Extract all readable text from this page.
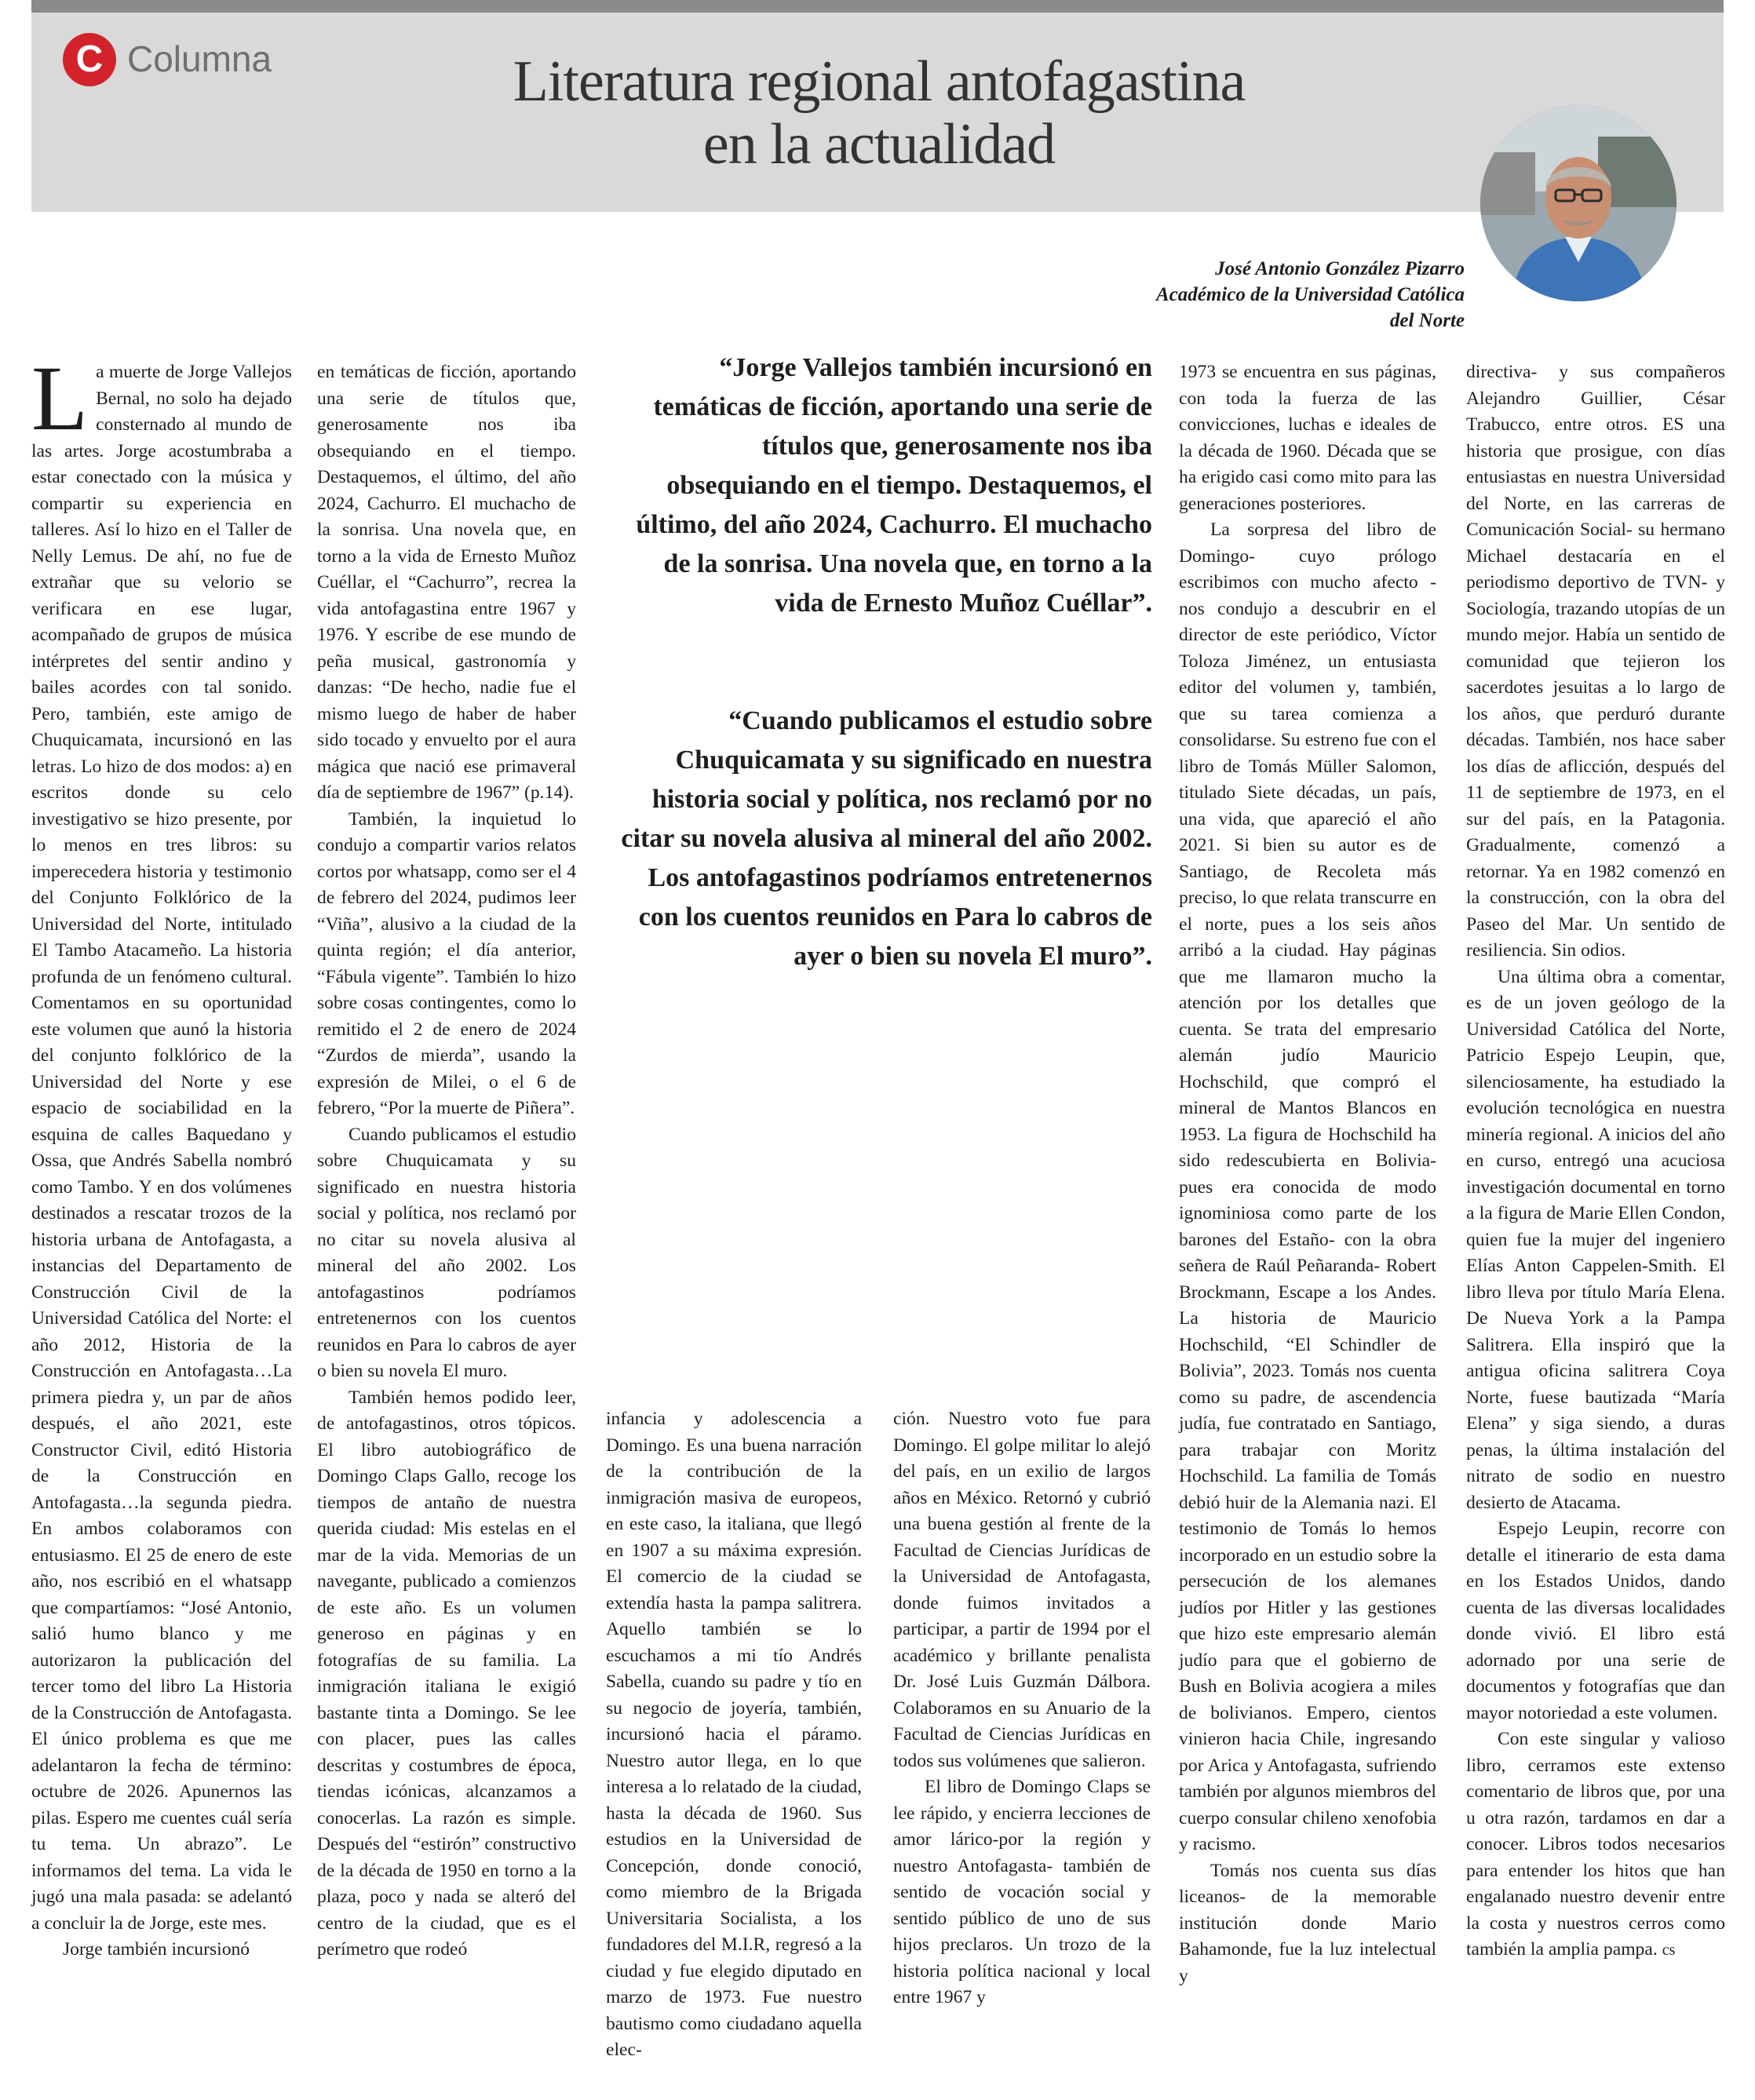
C Columna	Literatura regional antofagastina
en la actualidad
José Antonio González Pizarro
Académico de la Universidad Católica
del Norte
“Jorge Vallejos también incursionó en temáticas de ficción, aportando una serie de títulos que, generosamente nos iba obsequiando en el tiempo. Destaquemos, el último, del año 2024, Cachurro. El muchacho de la sonrisa. Una novela que, en torno a la vida de Ernesto Muñoz Cuéllar”.
“Cuando publicamos el estudio sobre Chuquicamata y su significado en nuestra historia social y política, nos reclamó por no citar su novela alusiva al mineral del año 2002. Los antofagastinos podríamos entretenernos con los cuentos reunidos en Para lo cabros de ayer o bien su novela El muro”.

La muerte de Jorge Vallejos Bernal, no solo ha dejado consternado al mundo de las artes. Jorge acostumbraba a estar conectado con la música y compartir su experiencia en talleres. Así lo hizo en el Taller de Nelly Lemus. De ahí, no fue de extrañar que su velorio se verificara en ese lugar, acompañado de grupos de música intérpretes del sentir andino y bailes acordes con tal sonido. Pero, también, este amigo de Chuquicamata, incursionó en las letras. Lo hizo de dos modos: a) en escritos donde su celo investigativo se hizo presente, por lo menos en tres libros: su imperecedera historia y testimonio del Conjunto Folklórico de la Universidad del Norte, intitulado El Tambo Atacameño. La historia profunda de un fenómeno cultural. Comentamos en su oportunidad este volumen que aunó la historia del conjunto folklórico de la Universidad del Norte y ese espacio de sociabilidad en la esquina de calles Baquedano y Ossa, que Andrés Sabella nombró como Tambo. Y en dos volúmenes destinados a rescatar trozos de la historia urbana de Antofagasta, a instancias del Departamento de Construcción Civil de la Universidad Católica del Norte: el año 2012, Historia de la Construcción en Antofagasta…La primera piedra y, un par de años después, el año 2021, este Constructor Civil, editó Historia de la Construcción en Antofagasta…la segunda piedra. En ambos colaboramos con entusiasmo. El 25 de enero de este año, nos escribió en el whatsapp que compartíamos: “José Antonio, salió humo blanco y me autorizaron la publicación del tercer tomo del libro La Historia de la Construcción de Antofagasta. El único problema es que me adelantaron la fecha de término: octubre de 2026. Apunernos las pilas. Espero me cuentes cuál sería tu tema. Un abrazo”. Le informamos del tema. La vida le jugó una mala pasada: se adelantó a concluir la de Jorge, este mes.

Jorge también incursionó

en temáticas de ficción, aportando una serie de títulos que, generosamente nos iba obsequiando en el tiempo. Destaquemos, el último, del año 2024, Cachurro. El muchacho de la sonrisa. Una novela que, en torno a la vida de Ernesto Muñoz Cuéllar, el “Cachurro”, recrea la vida antofagastina entre 1967 y 1976. Y escribe de ese mundo de peña musical, gastronomía y danzas: “De hecho, nadie fue el mismo luego de haber de haber sido tocado y envuelto por el aura mágica que nació ese primaveral día de septiembre de 1967” (p.14).

También, la inquietud lo condujo a compartir varios relatos cortos por whatsapp, como ser el 4 de febrero del 2024, pudimos leer “Viña”, alusivo a la ciudad de la quinta región; el día anterior, “Fábula vigente”. También lo hizo sobre cosas contingentes, como lo remitido el 2 de enero de 2024 “Zurdos de mierda”, usando la expresión de Milei, o el 6 de febrero, “Por la muerte de Piñera”.

Cuando publicamos el estudio sobre Chuquicamata y su significado en nuestra historia social y política, nos reclamó por no citar su novela alusiva al mineral del año 2002. Los antofagastinos podríamos entretenernos con los cuentos reunidos en Para lo cabros de ayer o bien su novela El muro.

También hemos podido leer, de antofagastinos, otros tópicos. El libro autobiográfico de Domingo Claps Gallo, recoge los tiempos de antaño de nuestra querida ciudad: Mis estelas en el mar de la vida. Memorias de un navegante, publicado a comienzos de este año. Es un volumen generoso en páginas y en fotografías de su familia. La inmigración italiana le exigió bastante tinta a Domingo. Se lee con placer, pues las calles descritas y costumbres de época, tiendas icónicas, alcanzamos a conocerlas. La razón es simple. Después del “estirón” constructivo de la década de 1950 en torno a la plaza, poco y nada se alteró del centro de la ciudad, que es el perímetro que rodeó

infancia y adolescencia a Domingo. Es una buena narración de la contribución de la inmigración masiva de europeos, en este caso, la italiana, que llegó en 1907 a su máxima expresión. El comercio de la ciudad se extendía hasta la pampa salitrera. Aquello también se lo escuchamos a mi tío Andrés Sabella, cuando su padre y tío en su negocio de joyería, también, incursionó hacia el páramo. Nuestro autor llega, en lo que interesa a lo relatado de la ciudad, hasta la década de 1960. Sus estudios en la Universidad de Concepción, donde conoció, como miembro de la Brigada Universitaria Socialista, a los fundadores del M.I.R, regresó a la ciudad y fue elegido diputado en marzo de 1973. Fue nuestro bautismo como ciudadano aquella elec-

ción. Nuestro voto fue para Domingo. El golpe militar lo alejó del país, en un exilio de largos años en México. Retornó y cubrió una buena gestión al frente de la Facultad de Ciencias Jurídicas de la Universidad de Antofagasta, donde fuimos invitados a participar, a partir de 1994 por el académico y brillante penalista Dr. José Luis Guzmán Dálbora. Colaboramos en su Anuario de la Facultad de Ciencias Jurídicas en todos sus volúmenes que salieron.

El libro de Domingo Claps se lee rápido, y encierra lecciones de amor lárico-por la región y nuestro Antofagasta- también de sentido de vocación social y sentido público de uno de sus hijos preclaros. Un trozo de la historia política nacional y local entre 1967 y

1973 se encuentra en sus páginas, con toda la fuerza de las convicciones, luchas e ideales de la década de 1960. Década que se ha erigido casi como mito para las generaciones posteriores.

La sorpresa del libro de Domingo- cuyo prólogo escribimos con mucho afecto - nos condujo a descubrir en el director de este periódico, Víctor Toloza Jiménez, un entusiasta editor del volumen y, también, que su tarea comienza a consolidarse. Su estreno fue con el libro de Tomás Müller Salomon, titulado Siete décadas, un país, una vida, que apareció el año 2021. Si bien su autor es de Santiago, de Recoleta más preciso, lo que relata transcurre en el norte, pues a los seis años arribó a la ciudad. Hay páginas que me llamaron mucho la atención por los detalles que cuenta. Se trata del empresario alemán judío Mauricio Hochschild, que compró el mineral de Mantos Blancos en 1953. La figura de Hochschild ha sido redescubierta en Bolivia- pues era conocida de modo ignominiosa como parte de los barones del Estaño- con la obra señera de Raúl Peñaranda- Robert Brockmann, Escape a los Andes. La historia de Mauricio Hochschild, “El Schindler de Bolivia”, 2023. Tomás nos cuenta como su padre, de ascendencia judía, fue contratado en Santiago, para trabajar con Moritz Hochschild. La familia de Tomás debió huir de la Alemania nazi. El testimonio de Tomás lo hemos incorporado en un estudio sobre la persecución de los alemanes judíos por Hitler y las gestiones que hizo este empresario alemán judío para que el gobierno de Bush en Bolivia acogiera a miles de bolivianos. Empero, cientos vinieron hacia Chile, ingresando por Arica y Antofagasta, sufriendo también por algunos miembros del cuerpo consular chileno xenofobia y racismo.

Tomás nos cuenta sus días liceanos- de la memorable institución donde Mario Bahamonde, fue la luz intelectual y

directiva- y sus compañeros Alejandro Guillier, César Trabucco, entre otros. ES una historia que prosigue, con días entusiastas en nuestra Universidad del Norte, en las carreras de Comunicación Social- su hermano Michael destacaría en el periodismo deportivo de TVN- y Sociología, trazando utopías de un mundo mejor. Había un sentido de comunidad que tejieron los sacerdotes jesuitas a lo largo de los años, que perduró durante décadas. También, nos hace saber los días de aflicción, después del 11 de septiembre de 1973, en el sur del país, en la Patagonia. Gradualmente, comenzó a retornar. Ya en 1982 comenzó en la construcción, con la obra del Paseo del Mar. Un sentido de resiliencia. Sin odios.

Una última obra a comentar, es de un joven geólogo de la Universidad Católica del Norte, Patricio Espejo Leupin, que, silenciosamente, ha estudiado la evolución tecnológica en nuestra minería regional. A inicios del año en curso, entregó una acuciosa investigación documental en torno a la figura de Marie Ellen Condon, quien fue la mujer del ingeniero Elías Anton Cappelen-Smith. El libro lleva por título María Elena. De Nueva York a la Pampa Salitrera. Ella inspiró que la antigua oficina salitrera Coya Norte, fuese bautizada “María Elena” y siga siendo, a duras penas, la última instalación del nitrato de sodio en nuestro desierto de Atacama.

Espejo Leupin, recorre con detalle el itinerario de esta dama en los Estados Unidos, dando cuenta de las diversas localidades donde vivió. El libro está adornado por una serie de documentos y fotografías que dan mayor notoriedad a este volumen.

Con este singular y valioso libro, cerramos este extenso comentario de libros que, por una u otra razón, tardamos en dar a conocer. Libros todos necesarios para entender los hitos que han engalanado nuestro devenir entre la costa y nuestros cerros como también la amplia pampa. cs
